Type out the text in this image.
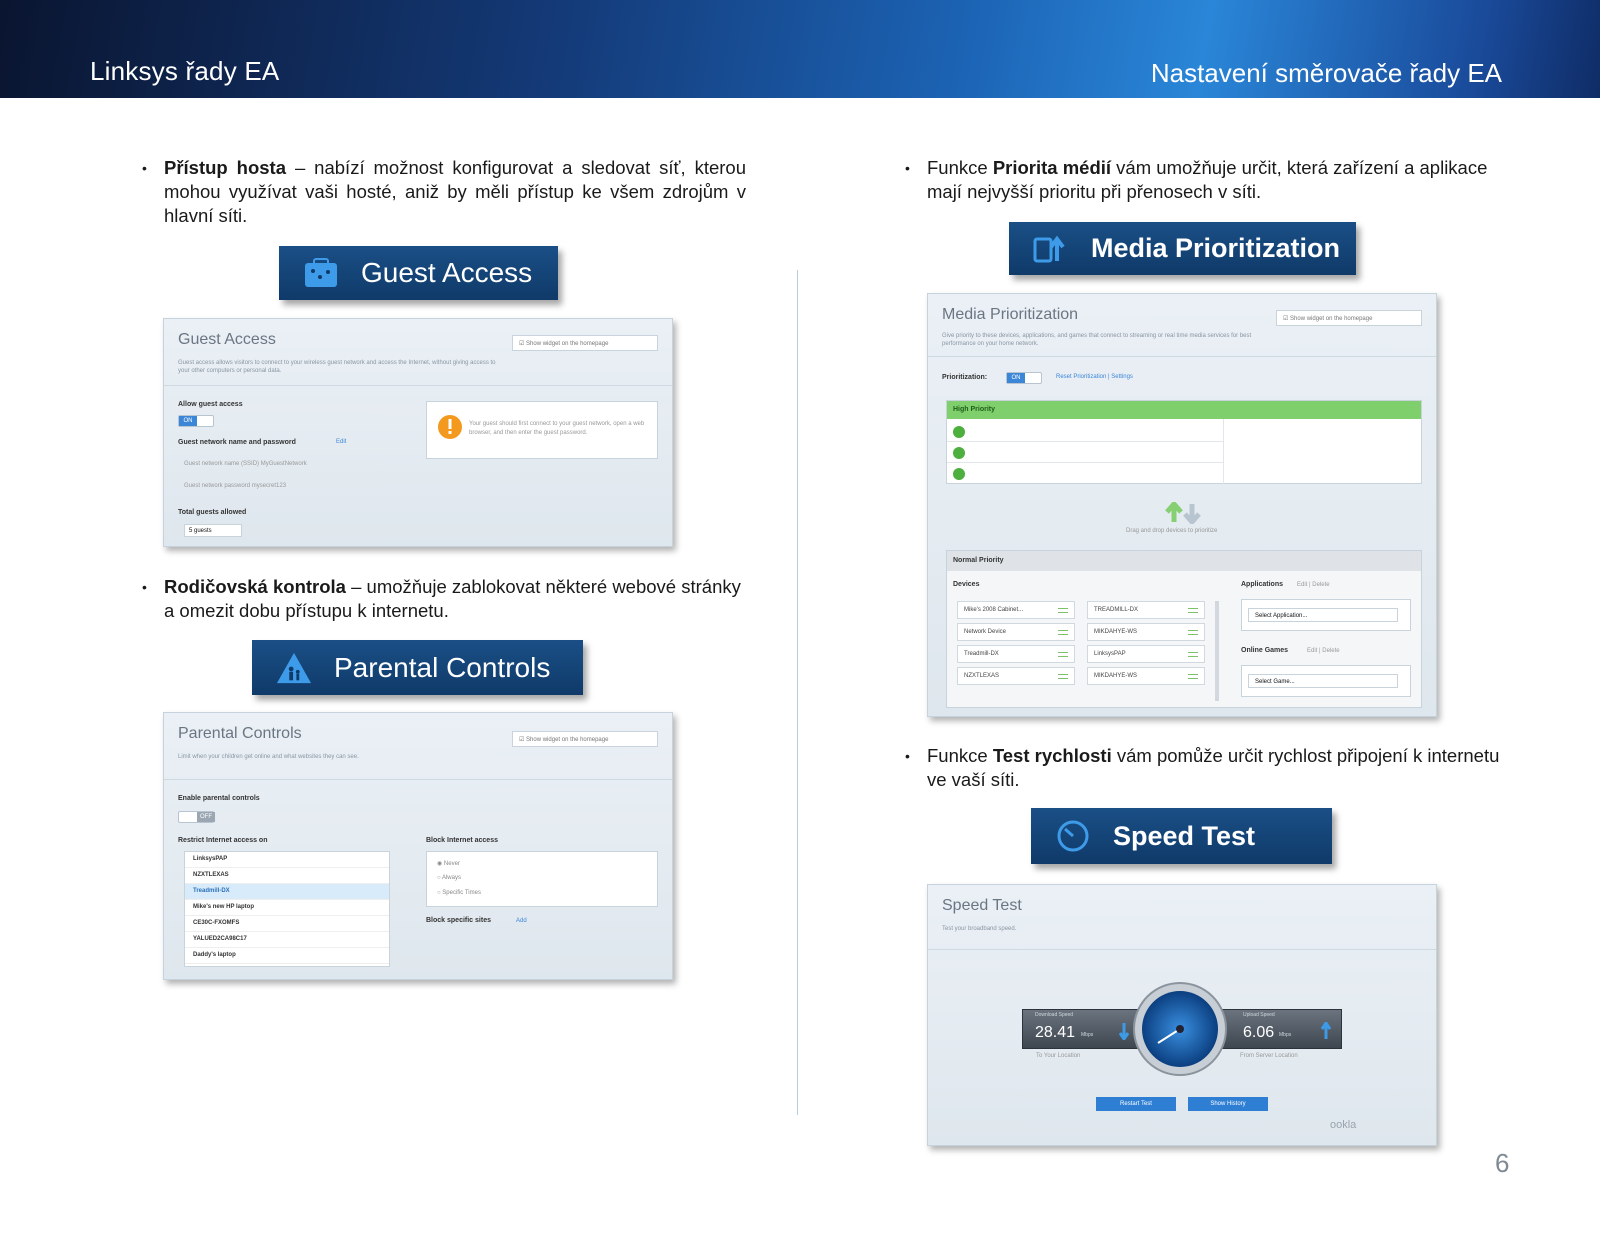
Linksys řady EA	Nastavení směrovače řady EA
• Přístup hosta – nabízí možnost konfigurovat a sledovat síť, kterou mohou využívat vaši hosté, aniž by měli přístup ke všem zdrojům v hlavní síti.
Guest Access
Guest Access	☑ Show widget on the homepage
Guest access allows visitors to connect to your wireless guest network and access the Internet, without giving access to your other computers or personal data.
Allow guest access
ON
Guest network name and password	Edit
Guest network name (SSID) MyGuestNetwork
Guest network password mysecret123
Total guests allowed
5 guests
Your guest should first connect to your guest network, open a web browser, and then enter the guest password.
• Rodičovská kontrola – umožňuje zablokovat některé webové stránky a omezit dobu přístupu k internetu.
Parental Controls
Parental Controls	☑ Show widget on the homepage
Limit when your children get online and what websites they can see.
Enable parental controls
OFF
Restrict Internet access on
LinksysPAP
NZXTLEXAS
Treadmill-DX
Mike's new HP laptop
CE30C-FXOMFS
YALUED2CA98C17
Daddy's laptop
Block Internet access
◉ Never
○ Always
○ Specific Times
Block specific sites	Add
• Funkce Priorita médií vám umožňuje určit, která zařízení a aplikace mají nejvyšší prioritu při přenosech v síti.
Media Prioritization
Media Prioritization	☑ Show widget on the homepage
Give priority to these devices, applications, and games that connect to streaming or real time media services for best performance on your home network.
Prioritization:	ON	Reset Prioritization | Settings
High Priority
Drag and drop devices to prioritize
Normal Priority
Devices
Mike's 2008 Cabinet...	TREADMILL-DX
Network Device	MIKDAHYE-WS
Treadmill-DX	LinksysPAP
NZXTLEXAS	MIKDAHYE-WS
Applications Edit | Delete
Select Application...
Online Games	Edit | Delete
Select Game...
• Funkce Test rychlosti vám pomůže určit rychlost připojení k internetu ve vaší síti.
Speed Test
Speed Test
Test your broadband speed.
Download Speed
28.41 Mbps
Upload Speed
6.06 Mbps
To Your Location	From Server Location
Restart Test	Show History
ookla
6
